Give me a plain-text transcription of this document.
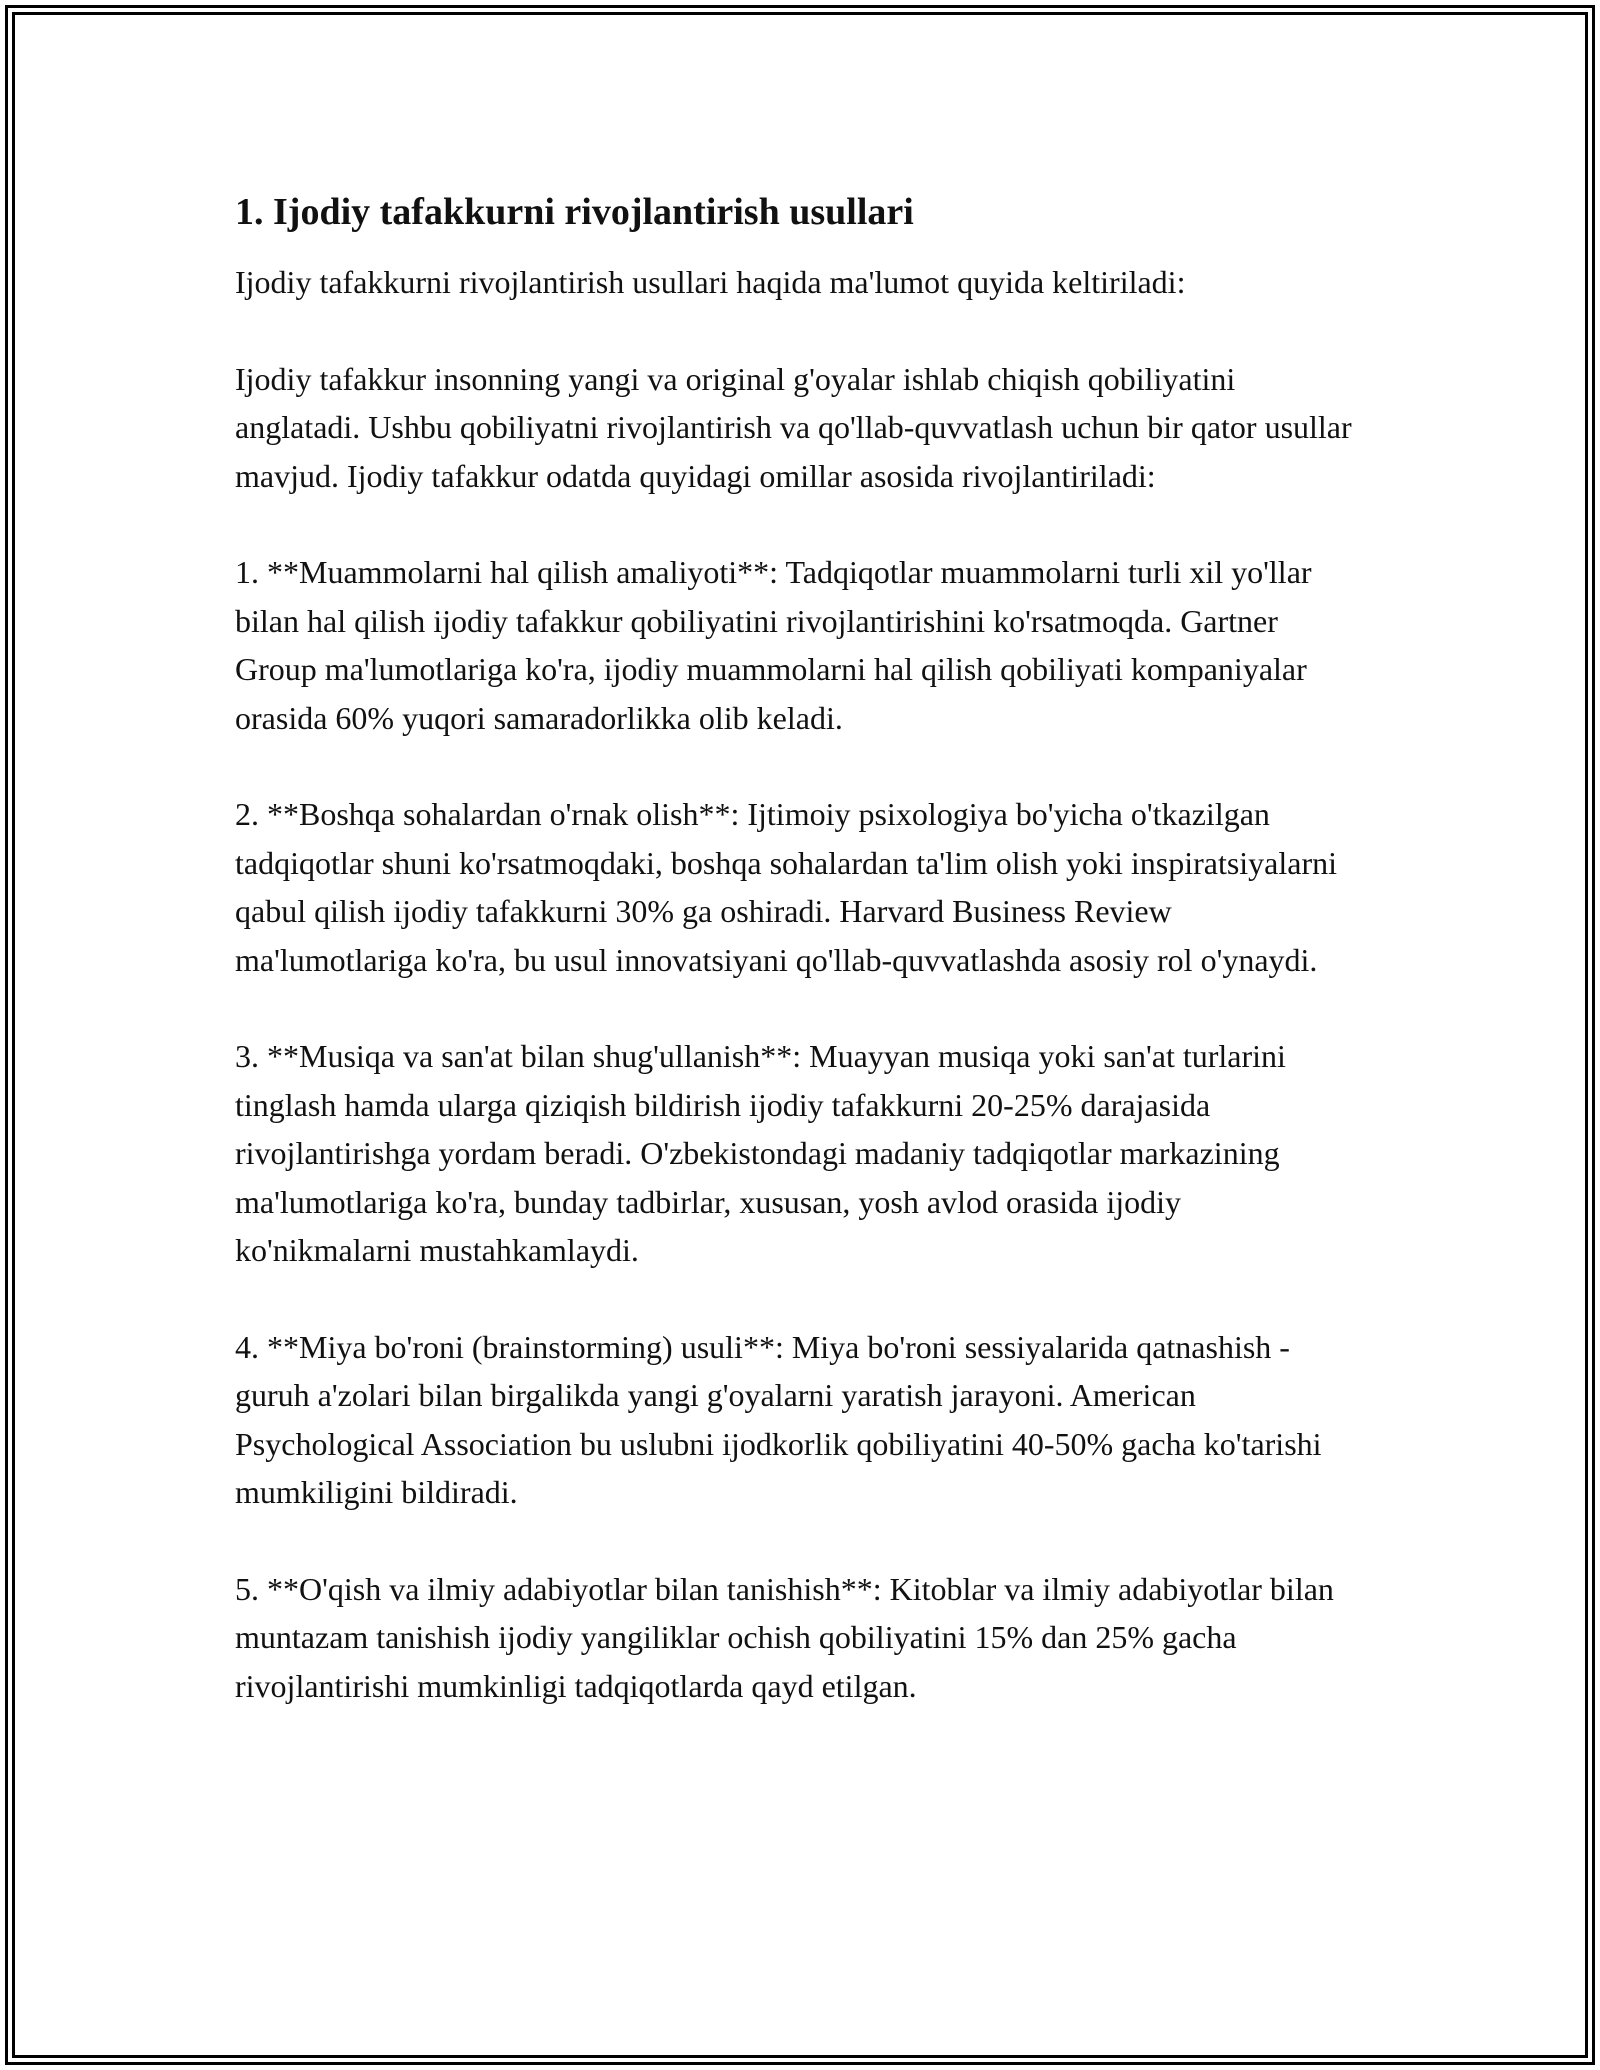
1. Ijodiy tafakkurni rivojlantirish usullari

Ijodiy tafakkurni rivojlantirish usullari haqida ma'lumot quyida keltiriladi:

Ijodiy tafakkur insonning yangi va original g'oyalar ishlab chiqish qobiliyatini anglatadi. Ushbu qobiliyatni rivojlantirish va qo'llab-quvvatlash uchun bir qator usullar mavjud. Ijodiy tafakkur odatda quyidagi omillar asosida rivojlantiriladi:

1. **Muammolarni hal qilish amaliyoti**: Tadqiqotlar muammolarni turli xil yo'llar bilan hal qilish ijodiy tafakkur qobiliyatini rivojlantirishini ko'rsatmoqda. Gartner Group ma'lumotlariga ko'ra, ijodiy muammolarni hal qilish qobiliyati kompaniyalar orasida 60% yuqori samaradorlikka olib keladi.

2. **Boshqa sohalardan o'rnak olish**: Ijtimoiy psixologiya bo'yicha o'tkazilgan tadqiqotlar shuni ko'rsatmoqdaki, boshqa sohalardan ta'lim olish yoki inspiratsiyalarni qabul qilish ijodiy tafakkurni 30% ga oshiradi. Harvard Business Review ma'lumotlariga ko'ra, bu usul innovatsiyani qo'llab-quvvatlashda asosiy rol o'ynaydi.

3. **Musiqa va san'at bilan shug'ullanish**: Muayyan musiqa yoki san'at turlarini tinglash hamda ularga qiziqish bildirish ijodiy tafakkurni 20-25% darajasida rivojlantirishga yordam beradi. O'zbekistondagi madaniy tadqiqotlar markazining ma'lumotlariga ko'ra, bunday tadbirlar, xususan, yosh avlod orasida ijodiy ko'nikmalarni mustahkamlaydi.

4. **Miya bo'roni (brainstorming) usuli**: Miya bo'roni sessiyalarida qatnashish - guruh a'zolari bilan birgalikda yangi g'oyalarni yaratish jarayoni. American Psychological Association bu uslubni ijodkorlik qobiliyatini 40-50% gacha ko'tarishi mumkiligini bildiradi.

5. **O'qish va ilmiy adabiyotlar bilan tanishish**: Kitoblar va ilmiy adabiyotlar bilan muntazam tanishish ijodiy yangiliklar ochish qobiliyatini 15% dan 25% gacha rivojlantirishi mumkinligi tadqiqotlarda qayd etilgan.
